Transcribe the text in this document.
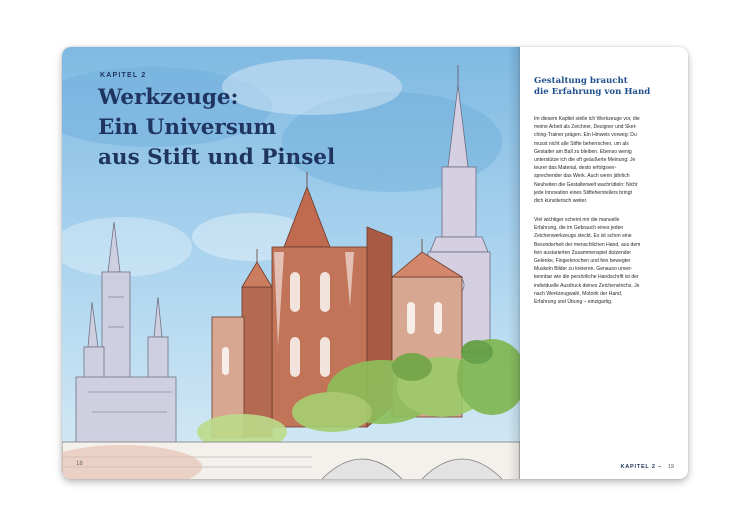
KAPITEL 2
Werkzeuge:
Ein Universum
aus Stift und Pinsel
18
Gestaltung braucht
die Erfahrung von Hand

Im diesem Kapitel stelle ich Werkzeuge vor, die
meine Arbeit als Zeichner, Designer und Sket-
ching-Trainer prägen. Ein Hinweis vorweg: Du
musst nicht alle Stifte beherrschen, um als
Gestalter am Ball zu bleiben. Ebenso wenig
unterstütze ich die oft geäußerte Meinung: Je
teurer das Material, desto erfolgsver-
sprechender das Werk. Auch wenn jährlich
Neuheiten die Gestalterwelt wachrütteln: Nicht
jede Innovation eines Stifteherstellers bringt
dich künstlerisch weiter.

Viel wichtiger scheint mir die manuelle
Erfahrung, die im Gebrauch eines jeden
Zeichenwerkzeugs steckt. Es ist schon eine
Besonderheit der menschlichen Hand, aus dem
fein austarierten Zusammenspiel dutzender
Gelenke, Fingerknochen und fein bewegter
Muskeln Bilder zu kreieren. Genauso unver-
kennbar wie die persönliche Handschrift ist der
individuelle Ausdruck deines Zeichenstrichs. Je
nach Werkzeugwahl, Motorik der Hand,
Erfahrung und Übung – einzigartig.

KAPITEL 2 – 19
